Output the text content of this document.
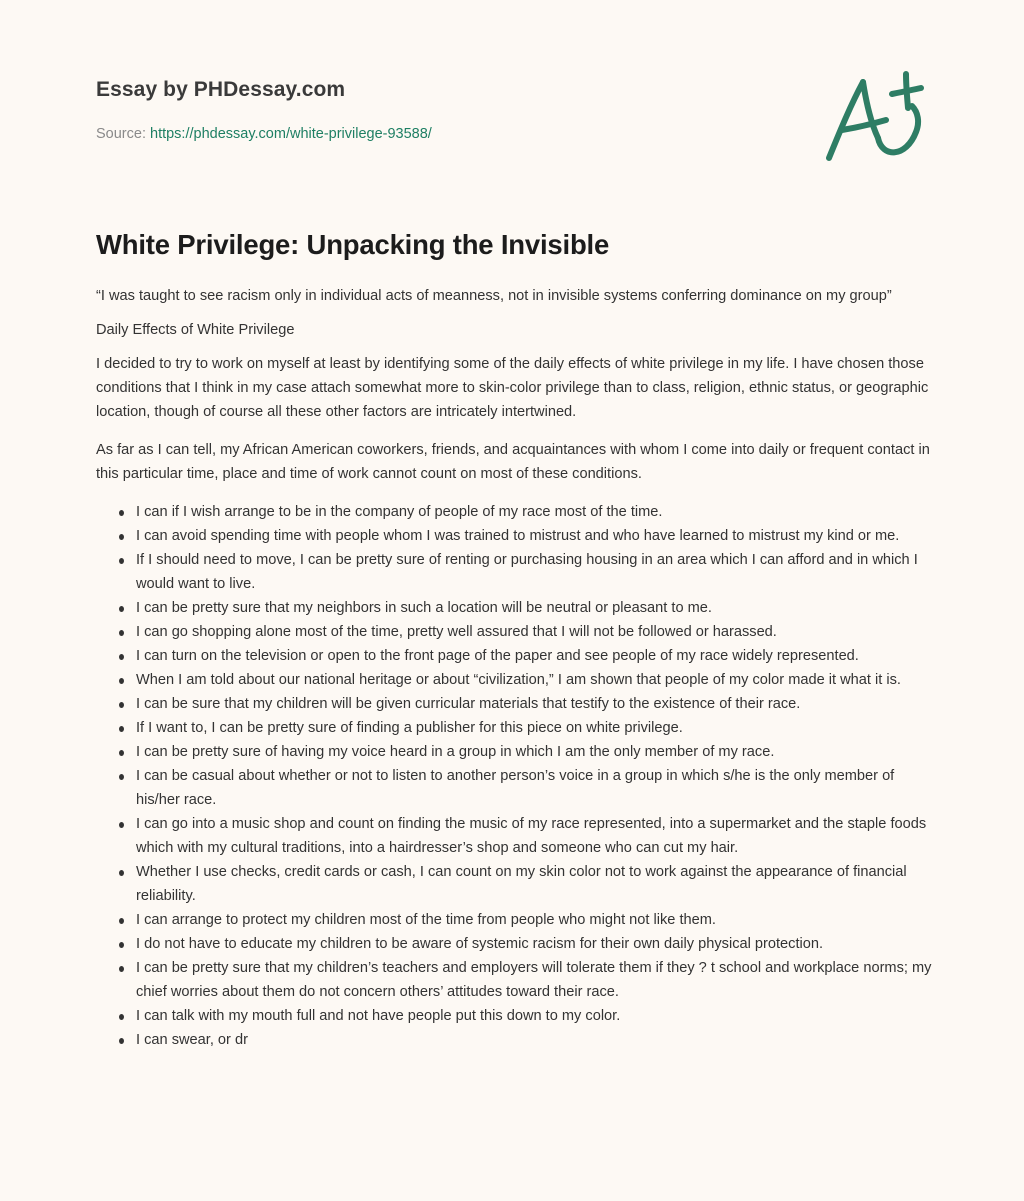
Essay by PHDessay.com
Source: https://phdessay.com/white-privilege-93588/
White Privilege: Unpacking the Invisible

“I was taught to see racism only in individual acts of meanness, not in invisible systems conferring dominance on my group”

Daily Effects of White Privilege

I decided to try to work on myself at least by identifying some of the daily effects of white privilege in my life. I have chosen those conditions that I think in my case attach somewhat more to skin-color privilege than to class, religion, ethnic status, or geographic location, though of course all these other factors are intricately intertwined.

As far as I can tell, my African American coworkers, friends, and acquaintances with whom I come into daily or frequent contact in this particular time, place and time of work cannot count on most of these conditions.

I can if I wish arrange to be in the company of people of my race most of the time.
I can avoid spending time with people whom I was trained to mistrust and who have learned to mistrust my kind or me.
If I should need to move, I can be pretty sure of renting or purchasing housing in an area which I can afford and in which I would want to live.
I can be pretty sure that my neighbors in such a location will be neutral or pleasant to me.
I can go shopping alone most of the time, pretty well assured that I will not be followed or harassed.
I can turn on the television or open to the front page of the paper and see people of my race widely represented.
When I am told about our national heritage or about “civilization,” I am shown that people of my color made it what it is.
I can be sure that my children will be given curricular materials that testify to the existence of their race.
If I want to, I can be pretty sure of finding a publisher for this piece on white privilege.
I can be pretty sure of having my voice heard in a group in which I am the only member of my race.
I can be casual about whether or not to listen to another person’s voice in a group in which s/he is the only member of his/her race.
I can go into a music shop and count on finding the music of my race represented, into a supermarket and the staple foods which with my cultural traditions, into a hairdresser’s shop and someone who can cut my hair.
Whether I use checks, credit cards or cash, I can count on my skin color not to work against the appearance of financial reliability.
I can arrange to protect my children most of the time from people who might not like them.
I do not have to educate my children to be aware of systemic racism for their own daily physical protection.
I can be pretty sure that my children’s teachers and employers will tolerate them if they ? t school and workplace norms; my chief worries about them do not concern others’ attitudes toward their race.
I can talk with my mouth full and not have people put this down to my color.
I can swear, or dr
